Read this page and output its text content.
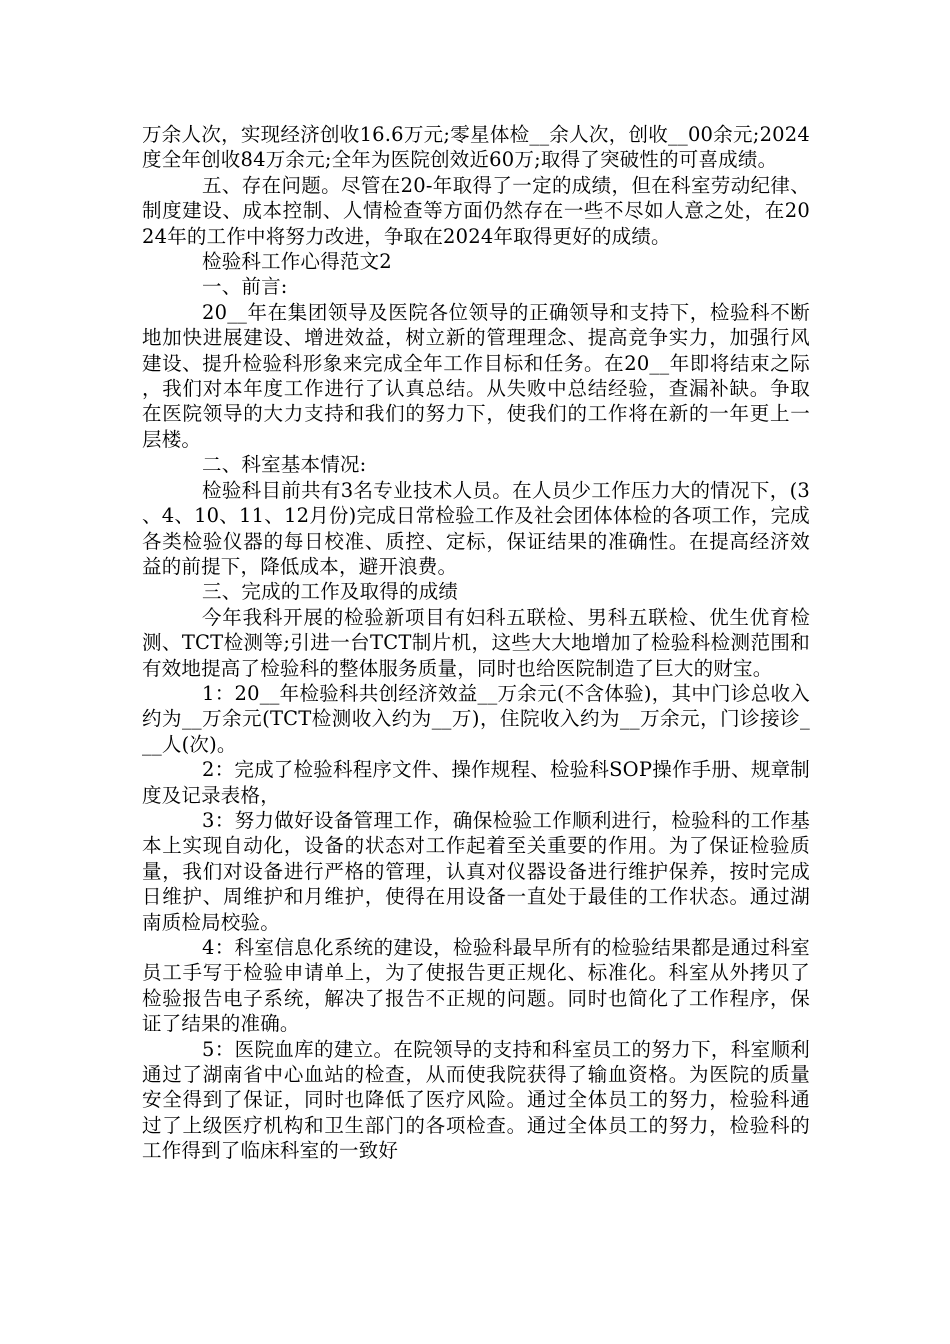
万余人次，实现经济创收16.6万元;零星体检__余人次，创收__00余元;2024度全年创收84万余元;全年为医院创效近60万;取得了突破性的可喜成绩。

五、存在问题。尽管在20-年取得了一定的成绩，但在科室劳动纪律、制度建设、成本控制、人情检查等方面仍然存在一些不尽如人意之处，在2024年的工作中将努力改进，争取在2024年取得更好的成绩。

检验科工作心得范文2

一、前言:

20__年在集团领导及医院各位领导的正确领导和支持下，检验科不断地加快进展建设、增进效益，树立新的管理理念、提高竞争实力，加强行风建设、提升检验科形象来完成全年工作目标和任务。在20__年即将结束之际，我们对本年度工作进行了认真总结。从失败中总结经验，查漏补缺。争取在医院领导的大力支持和我们的努力下，使我们的工作将在新的一年更上一层楼。

二、科室基本情况:

检验科目前共有3名专业技术人员。在人员少工作压力大的情况下，(3、4、10、11、12月份)完成日常检验工作及社会团体体检的各项工作，完成各类检验仪器的每日校准、质控、定标，保证结果的准确性。在提高经济效益的前提下，降低成本，避开浪费。

三、完成的工作及取得的成绩

今年我科开展的检验新项目有妇科五联检、男科五联检、优生优育检测、TCT检测等;引进一台TCT制片机，这些大大地增加了检验科检测范围和有效地提高了检验科的整体服务质量，同时也给医院制造了巨大的财宝。

1：20__年检验科共创经济效益__万余元(不含体验)，其中门诊总收入约为__万余元(TCT检测收入约为__万)，住院收入约为__万余元，门诊接诊___人(次)。

2：完成了检验科程序文件、操作规程、检验科SOP操作手册、规章制度及记录表格，

3：努力做好设备管理工作，确保检验工作顺利进行，检验科的工作基本上实现自动化，设备的状态对工作起着至关重要的作用。为了保证检验质量，我们对设备进行严格的管理，认真对仪器设备进行维护保养，按时完成日维护、周维护和月维护，使得在用设备一直处于最佳的工作状态。通过湖南质检局校验。

4：科室信息化系统的建设，检验科最早所有的检验结果都是通过科室员工手写于检验申请单上，为了使报告更正规化、标准化。科室从外拷贝了检验报告电子系统，解决了报告不正规的问题。同时也简化了工作程序，保证了结果的准确。

5：医院血库的建立。在院领导的支持和科室员工的努力下，科室顺利通过了湖南省中心血站的检查，从而使我院获得了输血资格。为医院的质量安全得到了保证，同时也降低了医疗风险。通过全体员工的努力，检验科通过了上级医疗机构和卫生部门的各项检查。通过全体员工的努力，检验科的工作得到了临床科室的一致好
